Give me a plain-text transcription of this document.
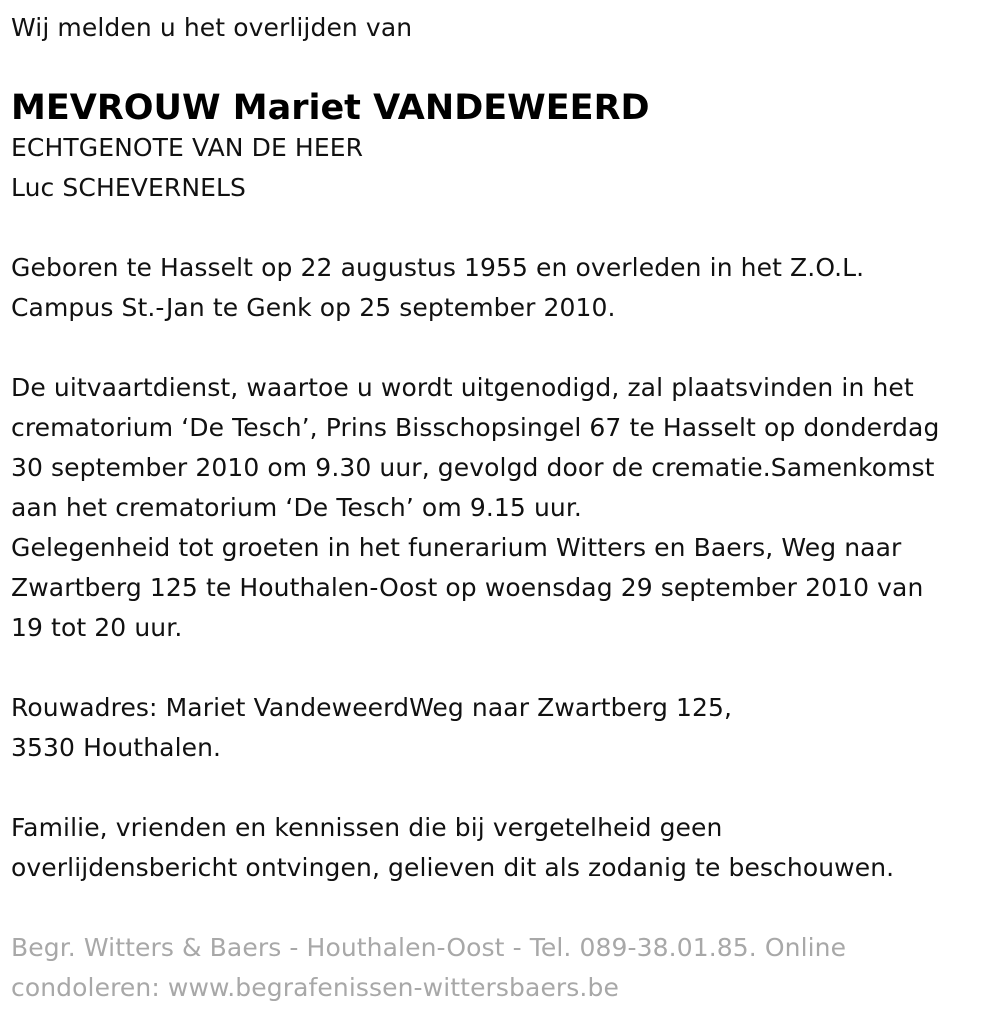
Wij melden u het overlijden van
MEVROUW Mariet VANDEWEERD
ECHTGENOTE VAN DE HEER
Luc SCHEVERNELS
Geboren te Hasselt op 22 augustus 1955 en overleden in het Z.O.L.
Campus St.-Jan te Genk op 25 september 2010.
De uitvaartdienst, waartoe u wordt uitgenodigd, zal plaatsvinden in het
crematorium ‘De Tesch’, Prins Bisschopsingel 67 te Hasselt op donderdag
30 september 2010 om 9.30 uur, gevolgd door de crematie.Samenkomst
aan het crematorium ‘De Tesch’ om 9.15 uur.
Gelegenheid tot groeten in het funerarium Witters en Baers, Weg naar
Zwartberg 125 te Houthalen-Oost op woensdag 29 september 2010 van
19 tot 20 uur.
Rouwadres: Mariet VandeweerdWeg naar Zwartberg 125,
3530 Houthalen.
Familie, vrienden en kennissen die bij vergetelheid geen
overlijdensbericht ontvingen, gelieven dit als zodanig te beschouwen.
Begr. Witters & Baers - Houthalen-Oost - Tel. 089-38.01.85. Online
condoleren: www.begrafenissen-wittersbaers.be
